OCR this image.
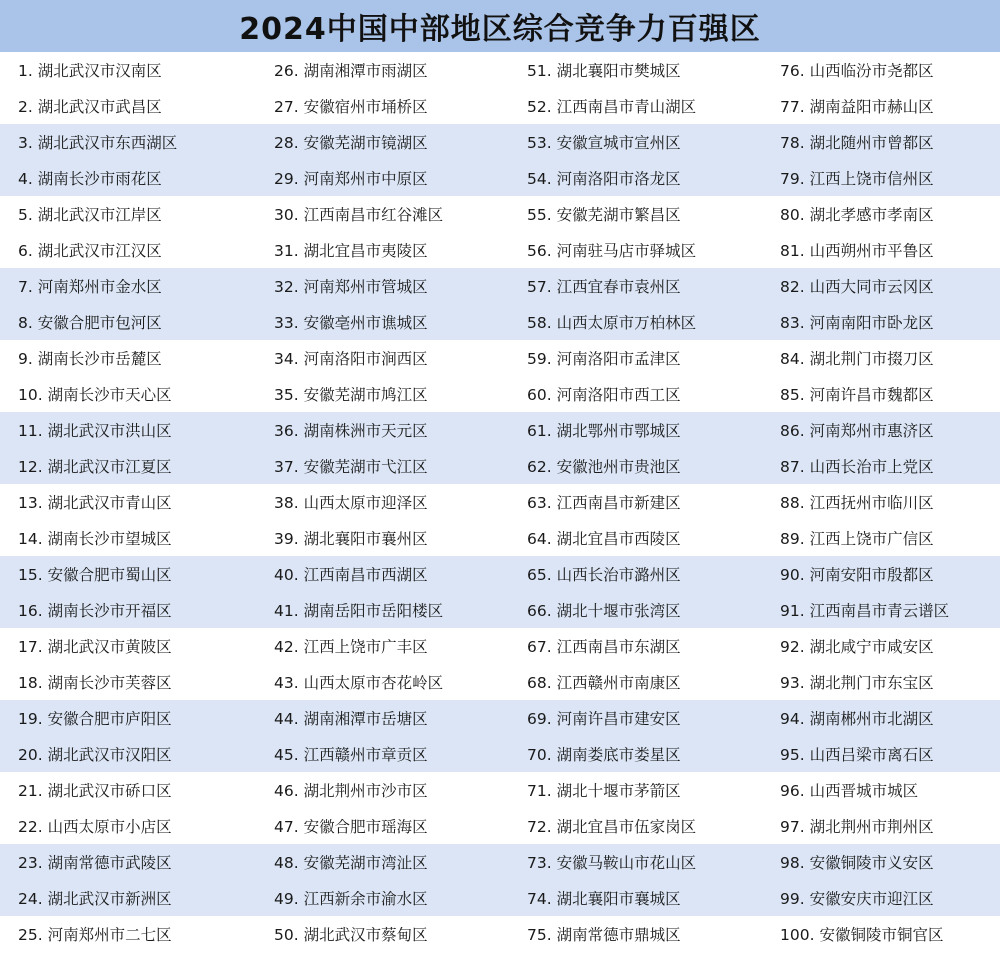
2024中国中部地区综合竞争力百强区
1. 湖北武汉市汉南区	26. 湖南湘潭市雨湖区	51. 湖北襄阳市樊城区	76. 山西临汾市尧都区
2. 湖北武汉市武昌区	27. 安徽宿州市埇桥区	52. 江西南昌市青山湖区	77. 湖南益阳市赫山区
3. 湖北武汉市东西湖区	28. 安徽芜湖市镜湖区	53. 安徽宣城市宣州区	78. 湖北随州市曾都区
4. 湖南长沙市雨花区	29. 河南郑州市中原区	54. 河南洛阳市洛龙区	79. 江西上饶市信州区
5. 湖北武汉市江岸区	30. 江西南昌市红谷滩区	55. 安徽芜湖市繁昌区	80. 湖北孝感市孝南区
6. 湖北武汉市江汉区	31. 湖北宜昌市夷陵区	56. 河南驻马店市驿城区	81. 山西朔州市平鲁区
7. 河南郑州市金水区	32. 河南郑州市管城区	57. 江西宜春市袁州区	82. 山西大同市云冈区
8. 安徽合肥市包河区	33. 安徽亳州市谯城区	58. 山西太原市万柏林区	83. 河南南阳市卧龙区
9. 湖南长沙市岳麓区	34. 河南洛阳市涧西区	59. 河南洛阳市孟津区	84. 湖北荆门市掇刀区
10. 湖南长沙市天心区	35. 安徽芜湖市鸠江区	60. 河南洛阳市西工区	85. 河南许昌市魏都区
11. 湖北武汉市洪山区	36. 湖南株洲市天元区	61. 湖北鄂州市鄂城区	86. 河南郑州市惠济区
12. 湖北武汉市江夏区	37. 安徽芜湖市弋江区	62. 安徽池州市贵池区	87. 山西长治市上党区
13. 湖北武汉市青山区	38. 山西太原市迎泽区	63. 江西南昌市新建区	88. 江西抚州市临川区
14. 湖南长沙市望城区	39. 湖北襄阳市襄州区	64. 湖北宜昌市西陵区	89. 江西上饶市广信区
15. 安徽合肥市蜀山区	40. 江西南昌市西湖区	65. 山西长治市潞州区	90. 河南安阳市殷都区
16. 湖南长沙市开福区	41. 湖南岳阳市岳阳楼区	66. 湖北十堰市张湾区	91. 江西南昌市青云谱区
17. 湖北武汉市黄陂区	42. 江西上饶市广丰区	67. 江西南昌市东湖区	92. 湖北咸宁市咸安区
18. 湖南长沙市芙蓉区	43. 山西太原市杏花岭区	68. 江西赣州市南康区	93. 湖北荆门市东宝区
19. 安徽合肥市庐阳区	44. 湖南湘潭市岳塘区	69. 河南许昌市建安区	94. 湖南郴州市北湖区
20. 湖北武汉市汉阳区	45. 江西赣州市章贡区	70. 湖南娄底市娄星区	95. 山西吕梁市离石区
21. 湖北武汉市硚口区	46. 湖北荆州市沙市区	71. 湖北十堰市茅箭区	96. 山西晋城市城区
22. 山西太原市小店区	47. 安徽合肥市瑶海区	72. 湖北宜昌市伍家岗区	97. 湖北荆州市荆州区
23. 湖南常德市武陵区	48. 安徽芜湖市湾沚区	73. 安徽马鞍山市花山区	98. 安徽铜陵市义安区
24. 湖北武汉市新洲区	49. 江西新余市渝水区	74. 湖北襄阳市襄城区	99. 安徽安庆市迎江区
25. 河南郑州市二七区	50. 湖北武汉市蔡甸区	75. 湖南常德市鼎城区	100. 安徽铜陵市铜官区
